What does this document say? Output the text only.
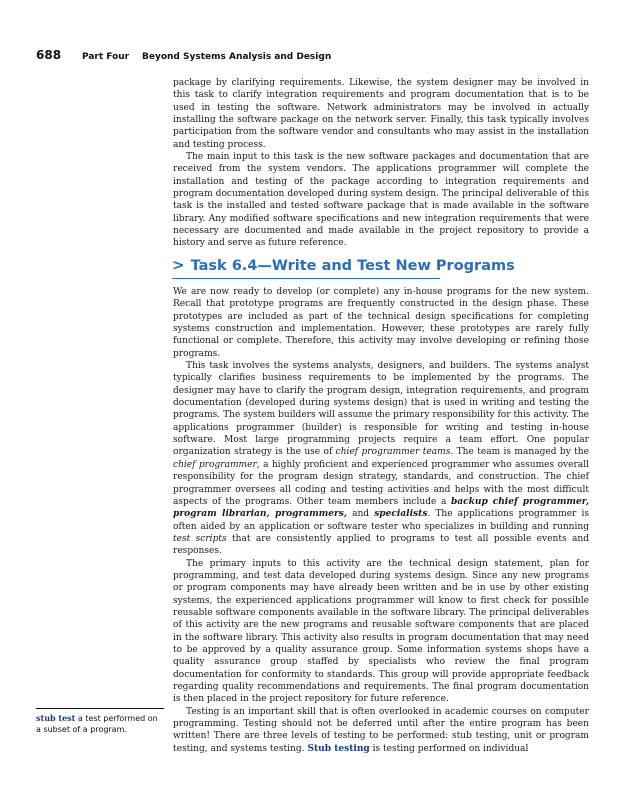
688	Part Four	Beyond Systems Analysis and Design

package by clarifying requirements. Likewise, the system designer may be involved in this task to clarify integration requirements and program documentation that is to be used in testing the software. Network administrators may be involved in actually installing the software package on the network server. Finally, this task typically involves participation from the software vendor and consultants who may assist in the installation and testing process.

The main input to this task is the new software packages and documentation that are received from the system vendors. The applications programmer will complete the installation and testing of the package according to integration requirements and program documentation developed during system design. The principal deliverable of this task is the installed and tested software package that is made available in the software library. Any modified software specifications and new integration requirements that were necessary are documented and made available in the project repository to provide a history and serve as future reference.

> Task 6.4—Write and Test New Programs

We are now ready to develop (or complete) any in-house programs for the new system. Recall that prototype programs are frequently constructed in the design phase. These prototypes are included as part of the technical design specifications for completing systems construction and implementation. However, these prototypes are rarely fully functional or complete. Therefore, this activity may involve developing or refining those programs.

This task involves the systems analysts, designers, and builders. The systems analyst typically clarifies business requirements to be implemented by the programs. The designer may have to clarify the program design, integration requirements, and program documentation (developed during systems design) that is used in writing and testing the programs. The system builders will assume the primary responsibility for this activity. The applications programmer (builder) is responsible for writing and testing in-house software. Most large programming projects require a team effort. One popular organization strategy is the use of chief programmer teams. The team is managed by the chief programmer, a highly proficient and experienced programmer who assumes overall responsibility for the program design strategy, standards, and construction. The chief programmer oversees all coding and testing activities and helps with the most difficult aspects of the programs. Other team members include a backup chief programmer, program librarian, programmers, and specialists. The applications programmer is often aided by an application or software tester who specializes in building and running test scripts that are consistently applied to programs to test all possible events and responses.

The primary inputs to this activity are the technical design statement, plan for programming, and test data developed during systems design. Since any new programs or program components may have already been written and be in use by other existing systems, the experienced applications programmer will know to first check for possible reusable software components available in the software library. The principal deliverables of this activity are the new programs and reusable software components that are placed in the software library. This activity also results in program documentation that may need to be approved by a quality assurance group. Some information systems shops have a quality assurance group staffed by specialists who review the final program documentation for conformity to standards. This group will provide appropriate feedback regarding quality recommendations and requirements. The final program documentation is then placed in the project repository for future reference.

Testing is an important skill that is often overlooked in academic courses on computer programming. Testing should not be deferred until after the entire program has been written! There are three levels of testing to be performed: stub testing, unit or program testing, and systems testing. Stub testing is testing performed on individual

stub test a test performed on a subset of a program.
